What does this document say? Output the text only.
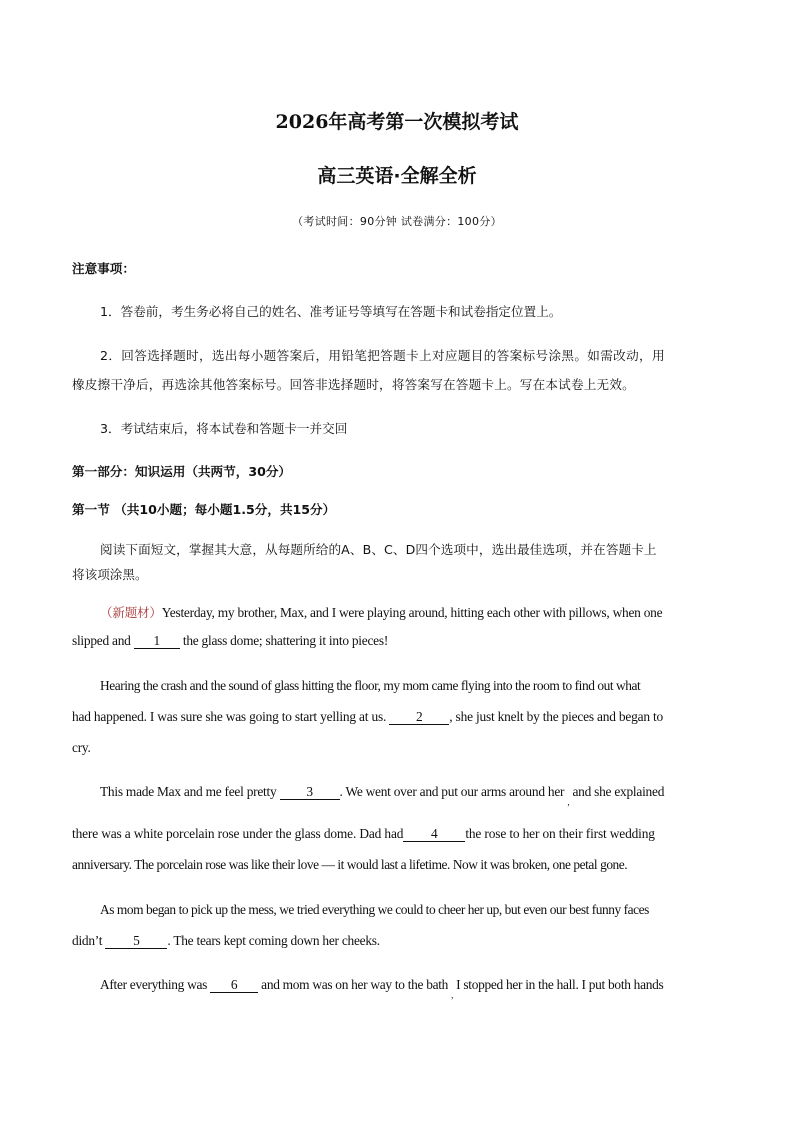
2026年高考第一次模拟考试
高三英语·全解全析
（考试时间：90分钟 试卷满分：100分）
注意事项：
1．答卷前，考生务必将自己的姓名、准考证号等填写在答题卡和试卷指定位置上。
2．回答选择题时，选出每小题答案后，用铅笔把答题卡上对应题目的答案标号涂黑。如需改动，用
橡皮擦干净后，再选涂其他答案标号。回答非选择题时，将答案写在答题卡上。写在本试卷上无效。
3．考试结束后，将本试卷和答题卡一并交回
第一部分：知识运用（共两节，30分）
第一节 （共10小题；每小题1.5分，共15分）
阅读下面短文，掌握其大意，从每题所给的A、B、C、D四个选项中，选出最佳选项，并在答题卡上
将该项涂黑。
（新题材）Yesterday, my brother, Max, and I were playing around, hitting each other with pillows, when one
slipped and 1 the glass dome; shattering it into pieces!
Hearing the crash and the sound of glass hitting the floor, my mom came flying into the room to find out what
had happened. I was sure she was going to start yelling at us. 2 , she just knelt by the pieces and began to
cry.
This made Max and me feel pretty 3 . We went over and put our arms around her $_,$ and she explained
there was a white porcelain rose under the glass dome. Dad had 4 the rose to her on their first wedding
anniversary. The porcelain rose was like their love — it would last a lifetime. Now it was broken, one petal gone.
As mom began to pick up the mess, we tried everything we could to cheer her up, but even our best funny faces
didn’t 5 . The tears kept coming down her cheeks.
After everything was 6 and mom was on her way to the bath $_,$ I stopped her in the hall. I put both hands
